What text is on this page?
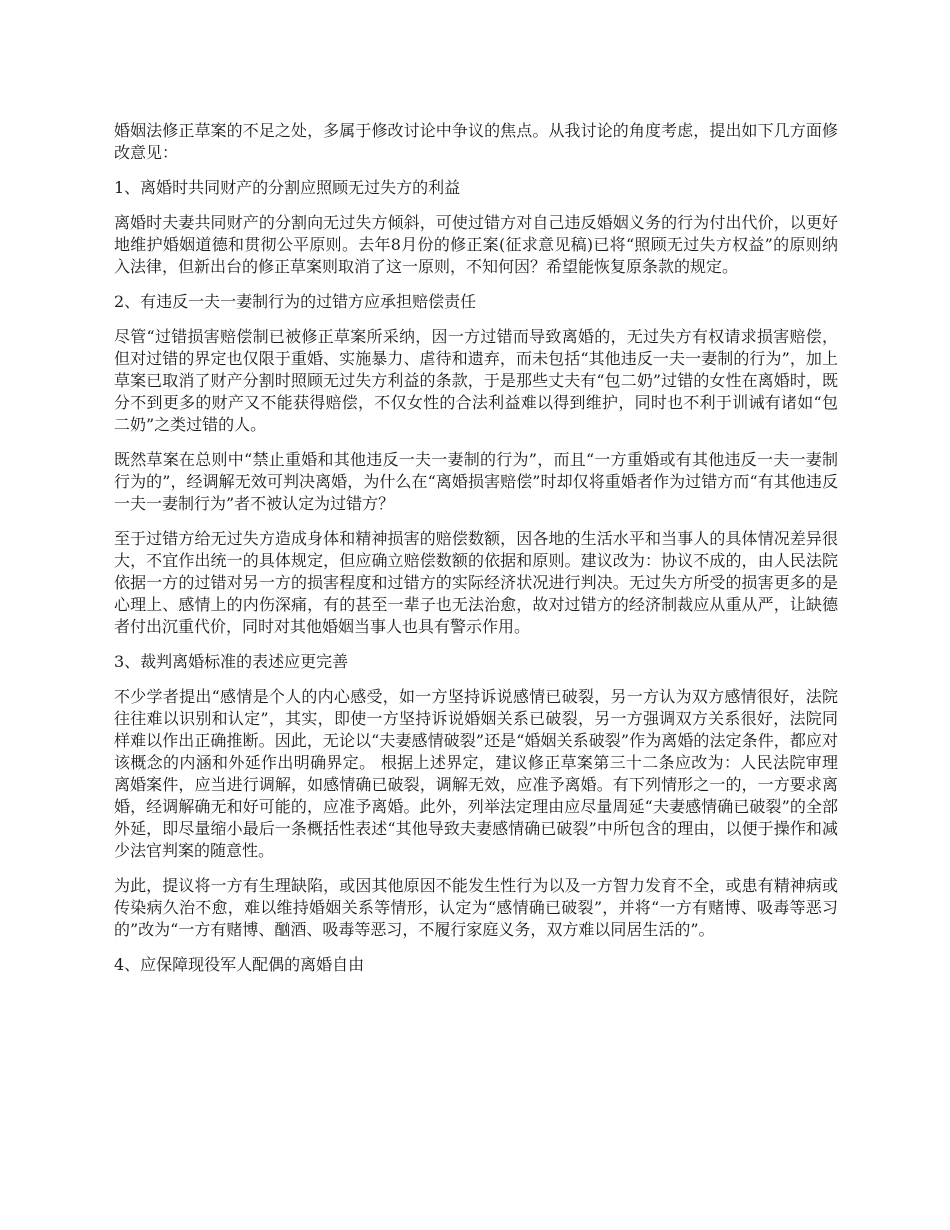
婚姻法修正草案的不足之处，多属于修改讨论中争议的焦点。从我讨论的角度考虑，提出如下几方面修改意见：

1、离婚时共同财产的分割应照顾无过失方的利益

离婚时夫妻共同财产的分割向无过失方倾斜，可使过错方对自己违反婚姻义务的行为付出代价，以更好地维护婚姻道德和贯彻公平原则。去年8月份的修正案(征求意见稿)已将“照顾无过失方权益”的原则纳入法律，但新出台的修正草案则取消了这一原则，不知何因？希望能恢复原条款的规定。

2、有违反一夫一妻制行为的过错方应承担赔偿责任

尽管“过错损害赔偿制已被修正草案所采纳，因一方过错而导致离婚的，无过失方有权请求损害赔偿，但对过错的界定也仅限于重婚、实施暴力、虐待和遗弃，而未包括“其他违反一夫一妻制的行为”，加上草案已取消了财产分割时照顾无过失方利益的条款，于是那些丈夫有“包二奶”过错的女性在离婚时，既分不到更多的财产又不能获得赔偿，不仅女性的合法利益难以得到维护，同时也不利于训诫有诸如“包二奶”之类过错的人。

既然草案在总则中“禁止重婚和其他违反一夫一妻制的行为”，而且“一方重婚或有其他违反一夫一妻制行为的”，经调解无效可判决离婚，为什么在“离婚损害赔偿”时却仅将重婚者作为过错方而“有其他违反一夫一妻制行为”者不被认定为过错方？

至于过错方给无过失方造成身体和精神损害的赔偿数额，因各地的生活水平和当事人的具体情况差异很大，不宜作出统一的具体规定，但应确立赔偿数额的依据和原则。建议改为：协议不成的，由人民法院依据一方的过错对另一方的损害程度和过错方的实际经济状况进行判决。无过失方所受的损害更多的是心理上、感情上的内伤深痛，有的甚至一辈子也无法治愈，故对过错方的经济制裁应从重从严，让缺德者付出沉重代价，同时对其他婚姻当事人也具有警示作用。

3、裁判离婚标准的表述应更完善

不少学者提出“感情是个人的内心感受，如一方坚持诉说感情已破裂，另一方认为双方感情很好，法院往往难以识别和认定”，其实，即使一方坚持诉说婚姻关系已破裂，另一方强调双方关系很好，法院同样难以作出正确推断。因此，无论以“夫妻感情破裂”还是“婚姻关系破裂”作为离婚的法定条件，都应对该概念的内涵和外延作出明确界定。 根据上述界定，建议修正草案第三十二条应改为：人民法院审理离婚案件，应当进行调解，如感情确已破裂，调解无效，应准予离婚。有下列情形之一的，一方要求离婚，经调解确无和好可能的，应准予离婚。此外，列举法定理由应尽量周延“夫妻感情确已破裂”的全部外延，即尽量缩小最后一条概括性表述“其他导致夫妻感情确已破裂”中所包含的理由，以便于操作和减少法官判案的随意性。

为此，提议将一方有生理缺陷，或因其他原因不能发生性行为以及一方智力发育不全，或患有精神病或传染病久治不愈，难以维持婚姻关系等情形，认定为“感情确已破裂”，并将“一方有赌博、吸毒等恶习的”改为“一方有赌博、酗酒、吸毒等恶习，不履行家庭义务，双方难以同居生活的”。

4、应保障现役军人配偶的离婚自由
